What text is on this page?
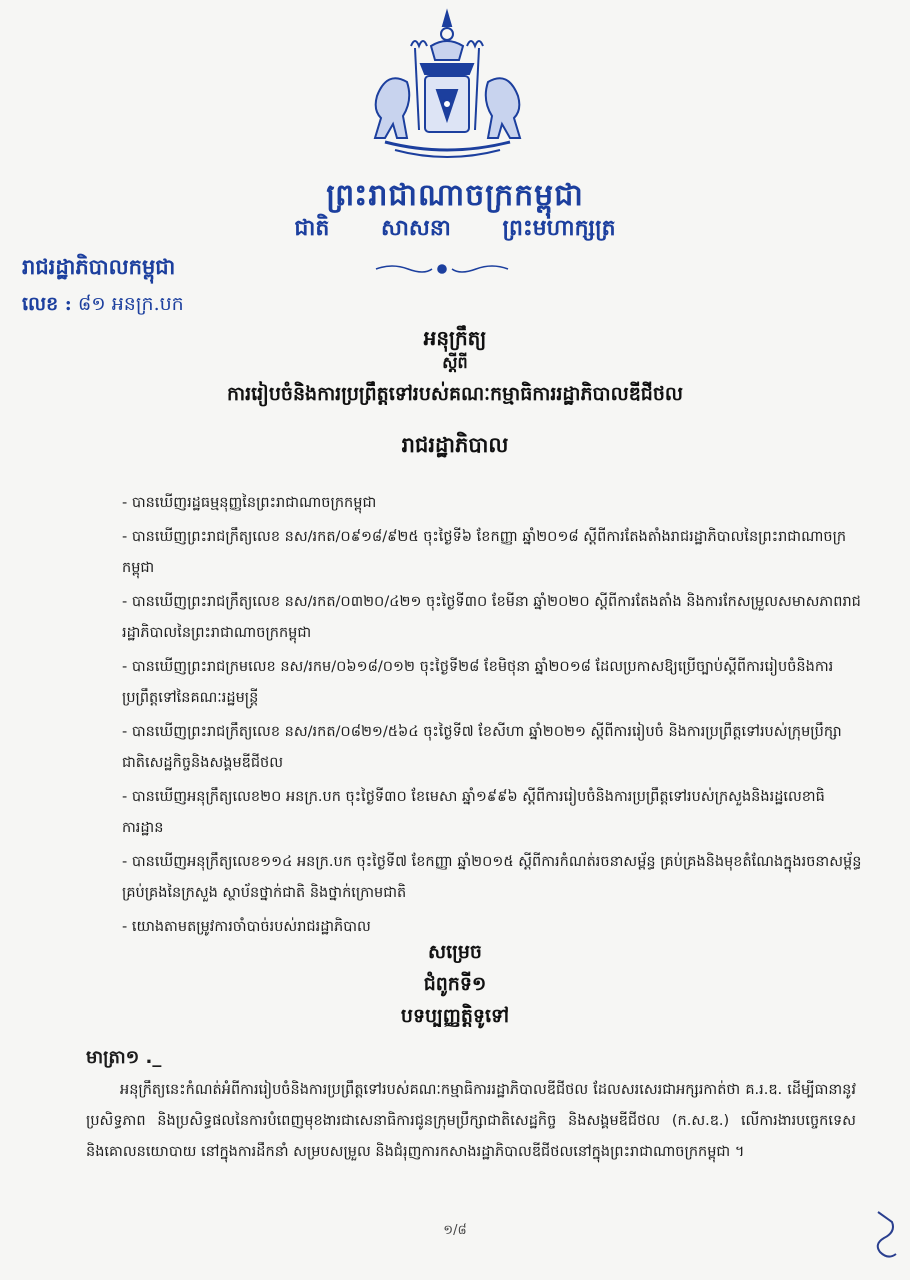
ព្រះរាជាណាចក្រកម្ពុជា
ជាតិ សាសនា ព្រះមហាក្សត្រ
រាជរដ្ឋាភិបាលកម្ពុជា
លេខ : ៨១ អនក្រ.បក
អនុក្រឹត្យ
ស្ដីពី
ការរៀបចំនិងការប្រព្រឹត្តទៅរបស់គណៈកម្មាធិការរដ្ឋាភិបាលឌីជីថល
រាជរដ្ឋាភិបាល
- បានឃើញរដ្ឋធម្មនុញ្ញនៃព្រះរាជាណាចក្រកម្ពុជា
- បានឃើញព្រះរាជក្រឹត្យលេខ នស/រកត/០៩១៨/៩២៥ ចុះថ្ងៃទី៦ ខែកញ្ញា ឆ្នាំ២០១៨ ស្ដីពីការតែងតាំងរាជរដ្ឋាភិបាលនៃព្រះរាជាណាចក្រកម្ពុជា
- បានឃើញព្រះរាជក្រឹត្យលេខ នស/រកត/០៣២០/៤២១ ចុះថ្ងៃទី៣០ ខែមីនា ឆ្នាំ២០២០ ស្ដីពីការតែងតាំង និងការកែសម្រួលសមាសភាពរាជរដ្ឋាភិបាលនៃព្រះរាជាណាចក្រកម្ពុជា
- បានឃើញព្រះរាជក្រមលេខ នស/រកម/០៦១៨/០១២ ចុះថ្ងៃទី២៨ ខែមិថុនា ឆ្នាំ២០១៨ ដែលប្រកាសឱ្យប្រើច្បាប់ស្ដីពីការរៀបចំនិងការប្រព្រឹត្តទៅនៃគណៈរដ្ឋមន្ត្រី
- បានឃើញព្រះរាជក្រឹត្យលេខ នស/រកត/០៨២១/៥៦៤ ចុះថ្ងៃទី៧ ខែសីហា ឆ្នាំ២០២១ ស្ដីពីការរៀបចំ និងការប្រព្រឹត្តទៅរបស់ក្រុមប្រឹក្សាជាតិសេដ្ឋកិច្ចនិងសង្គមឌីជីថល
- បានឃើញអនុក្រឹត្យលេខ២០ អនក្រ.បក ចុះថ្ងៃទី៣០ ខែមេសា ឆ្នាំ១៩៩៦ ស្ដីពីការរៀបចំនិងការប្រព្រឹត្តទៅរបស់ក្រសួងនិងរដ្ឋលេខាធិការដ្ឋាន
- បានឃើញអនុក្រឹត្យលេខ១១៤ អនក្រ.បក ចុះថ្ងៃទី៧ ខែកញ្ញា ឆ្នាំ២០១៥ ស្ដីពីការកំណត់រចនាសម្ព័ន្ធ គ្រប់គ្រងនិងមុខតំណែងក្នុងរចនាសម្ព័ន្ធគ្រប់គ្រងនៃក្រសួង ស្ថាប័នថ្នាក់ជាតិ និងថ្នាក់ក្រោមជាតិ
- យោងតាមតម្រូវការចាំបាច់របស់រាជរដ្ឋាភិបាល
សម្រេច
ជំពូកទី១
បទប្បញ្ញត្តិទូទៅ
មាត្រា១ ._
អនុក្រឹត្យនេះកំណត់អំពីការរៀបចំនិងការប្រព្រឹត្តទៅរបស់គណៈកម្មាធិការរដ្ឋាភិបាលឌីជីថល ដែលសរសេរជាអក្សរកាត់ថា គ.រ.ឌ. ដើម្បីធានានូវប្រសិទ្ធភាព និងប្រសិទ្ធផលនៃការបំពេញមុខងារជាសេនាធិការជូនក្រុមប្រឹក្សាជាតិសេដ្ឋកិច្ច និងសង្គមឌីជីថល (ក.ស.ឌ.) លើការងារបច្ចេកទេស និងគោលនយោបាយ នៅក្នុងការដឹកនាំ សម្របសម្រួល និងជំរុញការកសាងរដ្ឋាភិបាលឌីជីថលនៅក្នុងព្រះរាជាណាចក្រកម្ពុជា ។
១/៨
